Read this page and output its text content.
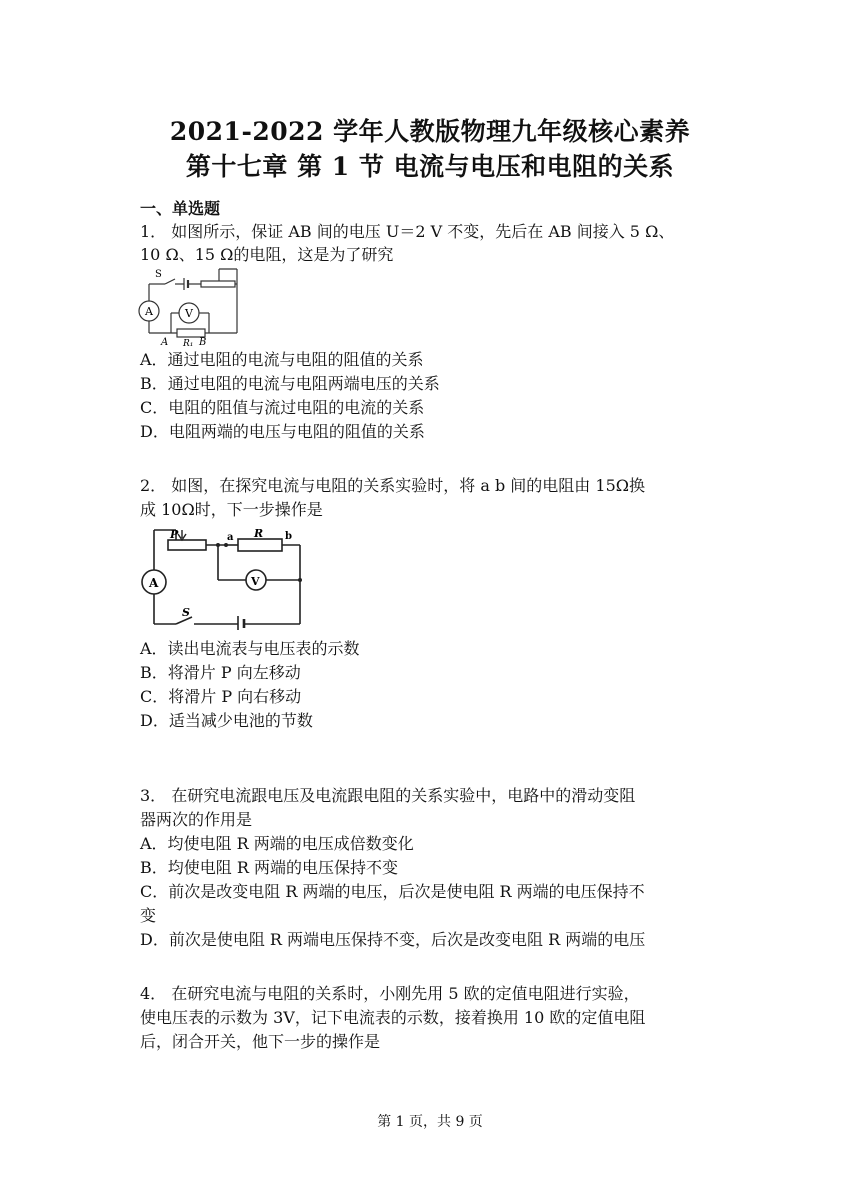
2021-2022 学年人教版物理九年级核心素养
第十七章 第 1 节 电流与电压和电阻的关系
一、单选题
1． 如图所示，保证 AB 间的电压 U＝2 V 不变，先后在 AB 间接入 5 Ω、
10 Ω、15 Ω的电阻，这是为了研究
S
A	V
A R₁ B
A．通过电阻的电流与电阻的阻值的关系
B．通过电阻的电流与电阻两端电压的关系
C．电阻的阻值与流过电阻的电流的关系
D．电阻两端的电压与电阻的阻值的关系
2． 如图，在探究电流与电阻的关系实验时，将 a b 间的电阻由 15Ω换
成 10Ω时，下一步操作是
P	R
a	b
A	V
S
A．读出电流表与电压表的示数
B．将滑片 P 向左移动
C．将滑片 P 向右移动
D．适当减少电池的节数
3． 在研究电流跟电压及电流跟电阻的关系实验中，电路中的滑动变阻
器两次的作用是
A．均使电阻 R 两端的电压成倍数变化
B．均使电阻 R 两端的电压保持不变
C．前次是改变电阻 R 两端的电压，后次是使电阻 R 两端的电压保持不
变
D．前次是使电阻 R 两端电压保持不变，后次是改变电阻 R 两端的电压
4． 在研究电流与电阻的关系时，小刚先用 5 欧的定值电阻进行实验，
使电压表的示数为 3V，记下电流表的示数，接着换用 10 欧的定值电阻
后，闭合开关，他下一步的操作是
第 1 页，共 9 页
